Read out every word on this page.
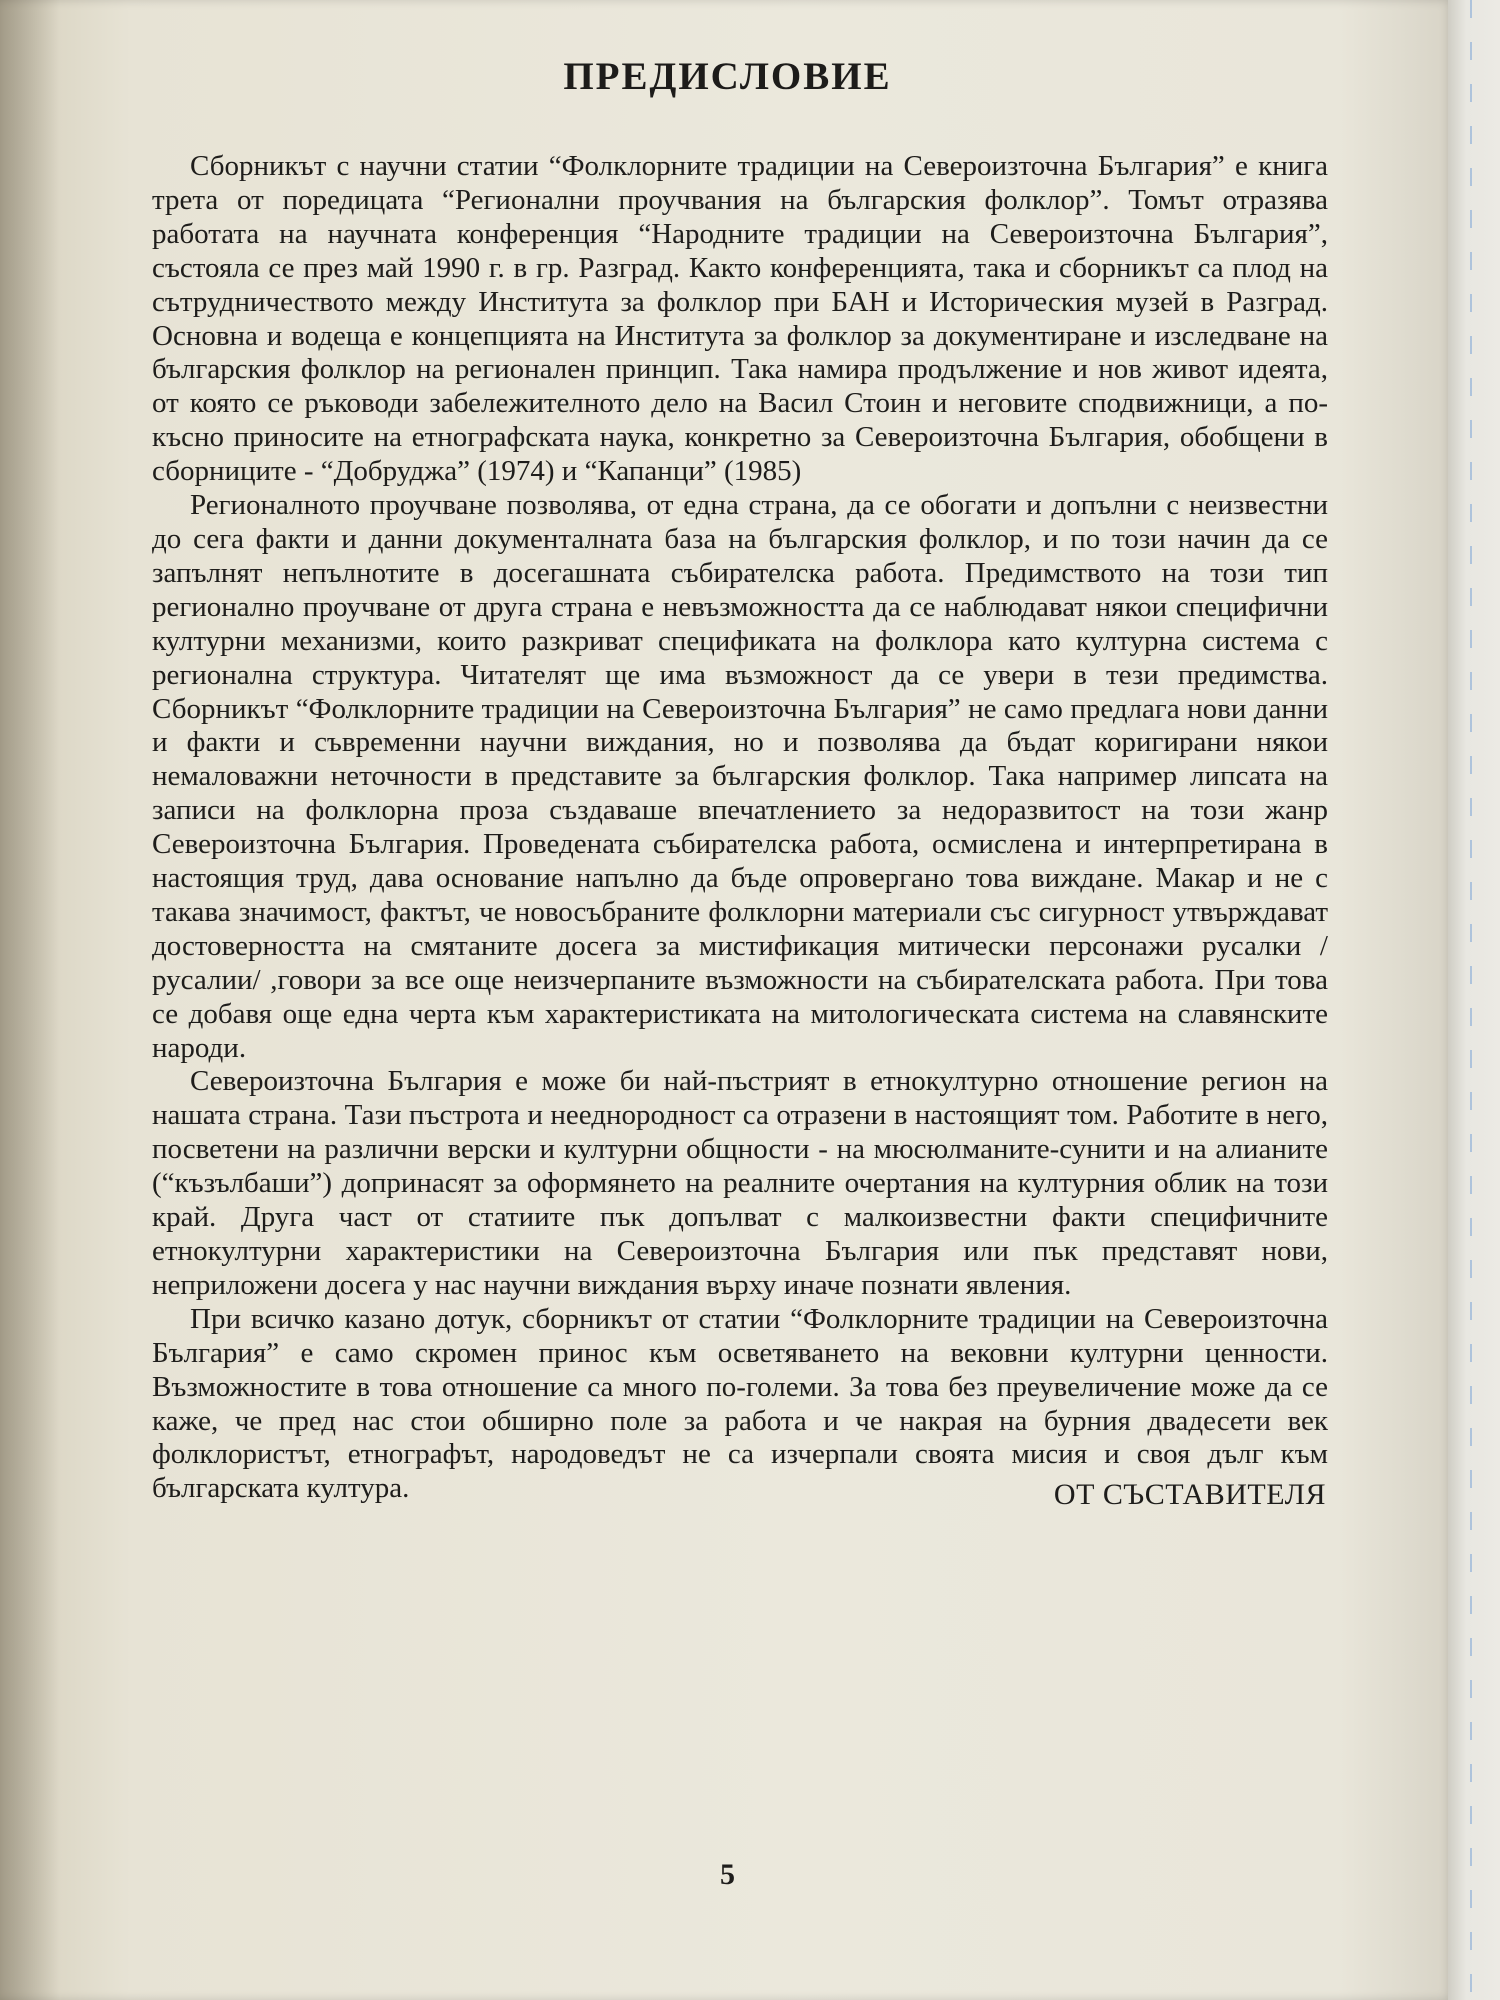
ПРЕДИСЛОВИЕ

Сборникът с научни статии “Фолклорните традиции на Североизточна България” е книга трета от поредицата “Регионални проучвания на българския фолклор”. Томът отразява работата на научната конференция “Народните традиции на Североизточна България”, състояла се през май 1990 г. в гр. Разград. Както конференцията, така и сборникът са плод на сътрудничеството между Института за фолклор при БАН и Историческия музей в Разград. Основна и водеща е концепцията на Института за фолклор за документиране и изследване на българския фолклор на регионален принцип. Така намира продължение и нов живот идеята, от която се ръководи забележителното дело на Васил Стоин и неговите сподвижници, а по-късно приносите на етнографската наука, конкретно за Североизточна България, обобщени в сборниците - “Добруджа” (1974) и “Капанци” (1985)

Регионалното проучване позволява, от една страна, да се обогати и допълни с неизвестни до сега факти и данни документалната база на българския фолклор, и по този начин да се запълнят непълнотите в досегашната събирателска работа. Предимството на този тип регионално проучване от друга страна е невъзможността да се наблюдават някои специфични културни механизми, които разкриват спецификата на фолклора като културна система с регионална структура. Читателят ще има възможност да се увери в тези предимства. Сборникът “Фолклорните традиции на Североизточна България” не само предлага нови данни и факти и съвременни научни виждания, но и позволява да бъдат коригирани някои немаловажни неточности в представите за българския фолклор. Така например липсата на записи на фолклорна проза създаваше впечатлението за недоразвитост на този жанр Североизточна България. Проведената събирателска работа, осмислена и интерпретирана в настоящия труд, дава основание напълно да бъде опровергано това виждане. Макар и не с такава значимост, фактът, че новосъбраните фолклорни материали със сигурност утвърждават достоверността на смятаните досега за мистификация митически персонажи русалки /русалии/ ,говори за все още неизчерпаните възможности на събирателската работа. При това се добавя още една черта към характеристиката на митологическата система на славянските народи.

Североизточна България е може би най-пъстрият в етнокултурно отношение регион на нашата страна. Тази пъстрота и нееднородност са отразени в настоящият том. Работите в него, посветени на различни верски и културни общности - на мюсюлманите-сунити и на алианите (“къзълбаши”) допринасят за оформянето на реалните очертания на културния облик на този край. Друга част от статиите пък допълват с малкоизвестни факти специфичните етнокултурни характеристики на Североизточна България или пък представят нови, неприложени досега у нас научни виждания върху иначе познати явления.

При всичко казано дотук, сборникът от статии “Фолклорните традиции на Североизточна България” е само скромен принос към осветяването на вековни културни ценности. Възможностите в това отношение са много по-големи. За това без преувеличение може да се каже, че пред нас стои обширно поле за работа и че накрая на бурния двадесети век фолклористът, етнографът, народоведът не са изчерпали своята мисия и своя дълг към българската култура.	ОТ СЪСТАВИТЕЛЯ
5
